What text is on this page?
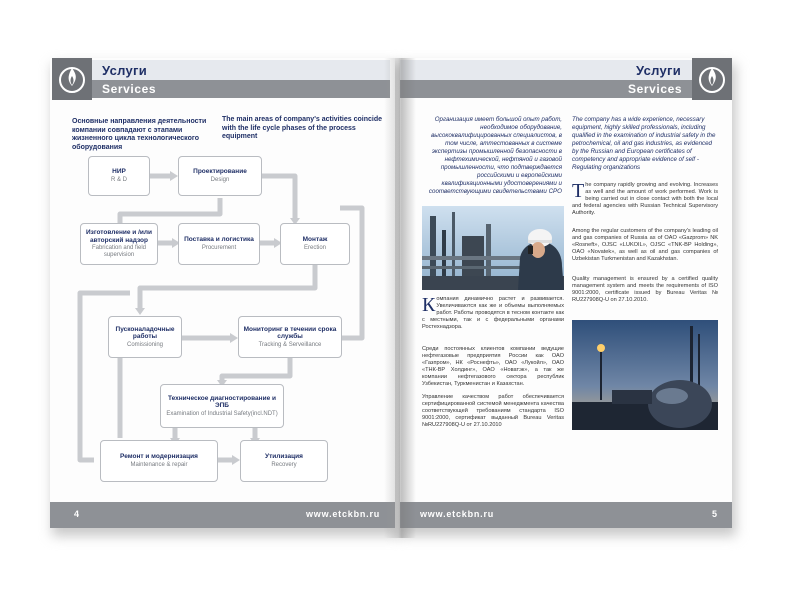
Услуги
Services
Основные направления деятельности компании совпадают с этапами жизненного цикла технологического оборудования
The main areas of company's activities coincide with the life cycle phases of the process equipment
НИР
R & D
Проектирование
Design
Изготовление и /или авторский надзор
Fabrication and field supervision
Поставка и логистика
Procurement
Монтаж
Erection
Пусконаладочные работы
Comissioning
Мониторинг в течении срока службы
Tracking & Serveillance
Техническое диагностирование и ЭПБ
Examination of Industrial Safety(incl.NDT)
Ремонт и модернизация
Maintenance & repair
Утилизация
Recovery
4	www.etckbn.ru
Услуги
Services
Организация имеет большой опыт работ, необходимое оборудование, высококвалифицированных специалистов, в том числе, аттестованных в системе экспертизы промышленной безопасности в нефтехимической, нефтяной и газовой промышленности, что подтверждается российскими и европейскими квалификационными удостоверениями и соответствующими свидетельствами СРО
The company has a wide experience, necessary equipment, highly skilled professionals, including qualified in the examination of industrial safety in the petrochemical, oil and gas industries, as evidenced by the Russian and European certificates of competency and appropriate evidence of self - Regulating organizations
Компания динамично растет и развивается. Увеличиваются как же и объемы выполняемых работ. Работы проводятся в тесном контакте как с местными, так и с федеральными органами Ростехнадзора.
Среди постоянных клиентов компании ведущие нефтегазовые предприятия России как ОАО «Газпром», НК «Роснефть», ОАО «Лукойл», ОАО «ТНК-ВР Холдинг», ОАО «Новатэк», а так же компании нефтегазового сектора республик Узбекистан, Туркменистан и Казахстан.
Управление качеством работ обеспечивается сертифицированной системой менеджмента качества соответствующей требованиям стандарта ISO 9001:2000, сертификат выданный Bureau Veritas №RU227908Q-U от 27.10.2010
The company rapidly growing and evolving. Increases as well and the amount of work performed. Work is being carried out in close contact with both the local and federal agencies with Russian Technical Supervisory Authority.
Among the regular customers of the company's leading oil and gas companies of Russia as of OAO «Gazprom» NK «Rosneft», OJSC «LUKOIL», OJSC «TNK-BP Holding», OAO «Novatek», as well as oil and gas companies of Uzbekistan Turkmenistan and Kazakhstan.
Quality management is ensured by a certified quality management system and meets the requirements of ISO 9001:2000, certificate issued by Bureau Veritas № RU227908Q-U on 27.10.2010.
www.etckbn.ru	5
